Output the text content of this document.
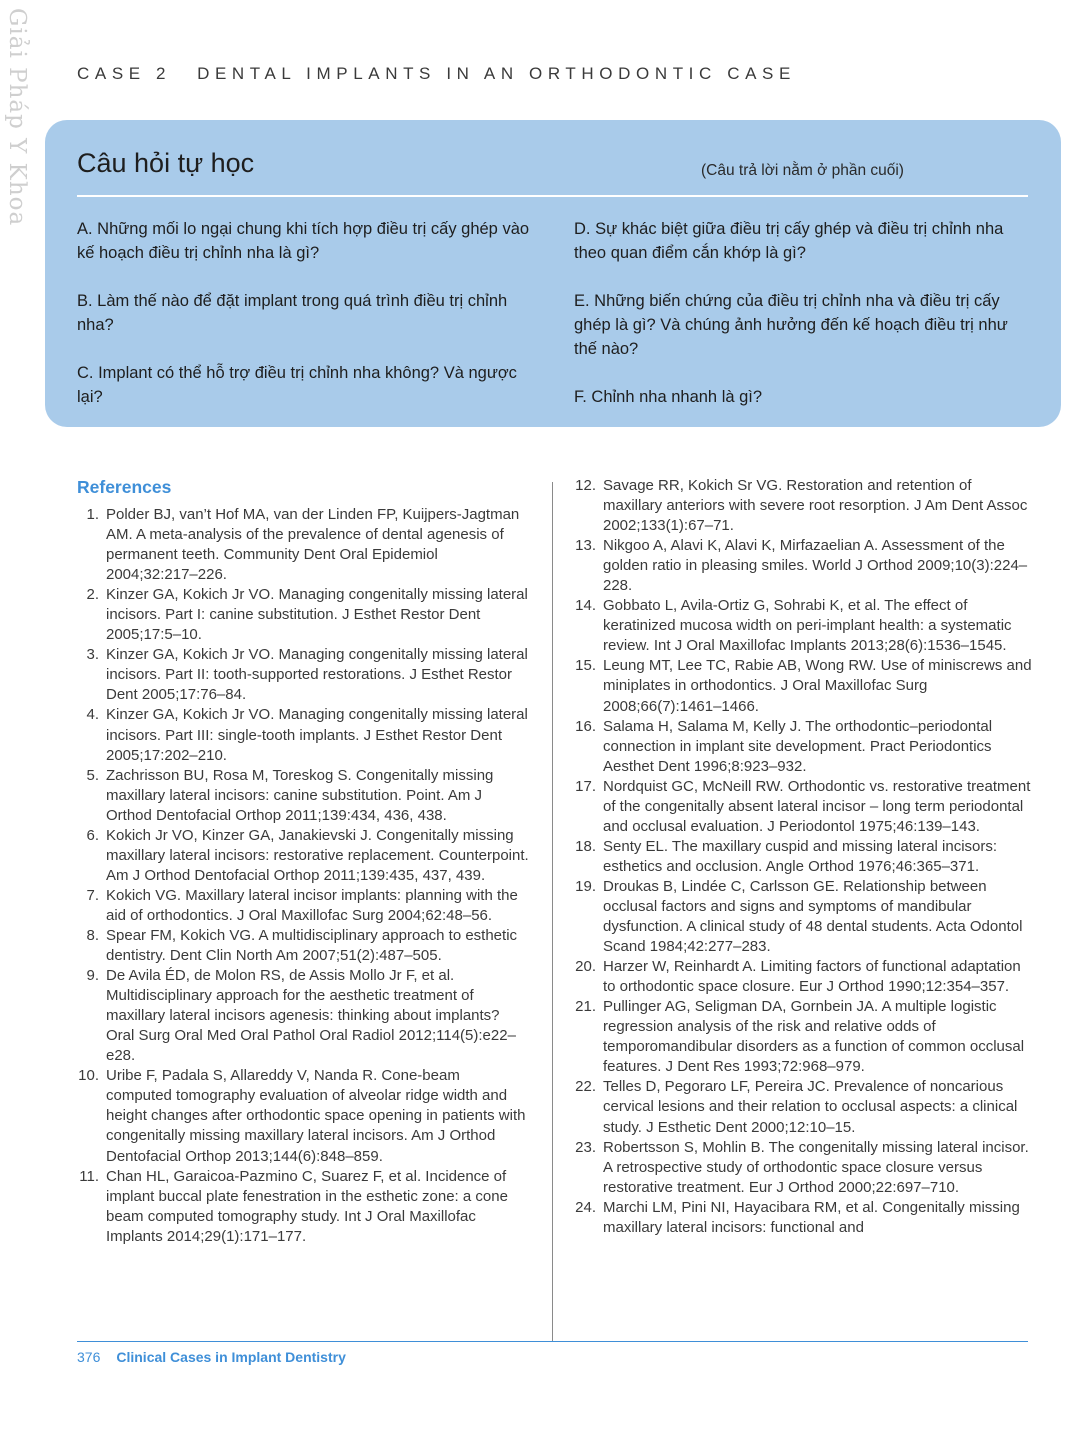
Giải Pháp Y Khoa	CASE 2 DENTAL IMPLANTS IN AN ORTHODONTIC CASE
Câu hỏi tự học	(Câu trả lời nằm ở phần cuối)

A. Những mối lo ngại chung khi tích hợp điều trị cấy ghép vào kế hoạch điều trị chỉnh nha là gì?

B. Làm thế nào để đặt implant trong quá trình điều trị chỉnh nha?

C. Implant có thể hỗ trợ điều trị chỉnh nha không? Và ngược lại?

D. Sự khác biệt giữa điều trị cấy ghép và điều trị chỉnh nha theo quan điểm cắn khớp là gì?

E. Những biến chứng của điều trị chỉnh nha và điều trị cấy ghép là gì? Và chúng ảnh hưởng đến kế hoạch điều trị như thế nào?

F. Chỉnh nha nhanh là gì?

References
1. Polder BJ, van’t Hof MA, van der Linden FP, Kuijpers-Jagtman AM. A meta-analysis of the prevalence of dental agenesis of permanent teeth. Community Dent Oral Epidemiol 2004;32:217–226.
2. Kinzer GA, Kokich Jr VO. Managing congenitally missing lateral incisors. Part I: canine substitution. J Esthet Restor Dent 2005;17:5–10.
3. Kinzer GA, Kokich Jr VO. Managing congenitally missing lateral incisors. Part II: tooth-supported restorations. J Esthet Restor Dent 2005;17:76–84.
4. Kinzer GA, Kokich Jr VO. Managing congenitally missing lateral incisors. Part III: single-tooth implants. J Esthet Restor Dent 2005;17:202–210.
5. Zachrisson BU, Rosa M, Toreskog S. Congenitally missing maxillary lateral incisors: canine substitution. Point. Am J Orthod Dentofacial Orthop 2011;139:434, 436, 438.
6. Kokich Jr VO, Kinzer GA, Janakievski J. Congenitally missing maxillary lateral incisors: restorative replacement. Counterpoint. Am J Orthod Dentofacial Orthop 2011;139:435, 437, 439.
7. Kokich VG. Maxillary lateral incisor implants: planning with the aid of orthodontics. J Oral Maxillofac Surg 2004;62:48–56.
8. Spear FM, Kokich VG. A multidisciplinary approach to esthetic dentistry. Dent Clin North Am 2007;51(2):487–505.
9. De Avila ÉD, de Molon RS, de Assis Mollo Jr F, et al. Multidisciplinary approach for the aesthetic treatment of maxillary lateral incisors agenesis: thinking about implants? Oral Surg Oral Med Oral Pathol Oral Radiol 2012;114(5):e22–e28.
10. Uribe F, Padala S, Allareddy V, Nanda R. Cone-beam computed tomography evaluation of alveolar ridge width and height changes after orthodontic space opening in patients with congenitally missing maxillary lateral incisors. Am J Orthod Dentofacial Orthop 2013;144(6):848–859.
11. Chan HL, Garaicoa-Pazmino C, Suarez F, et al. Incidence of implant buccal plate fenestration in the esthetic zone: a cone beam computed tomography study. Int J Oral Maxillofac Implants 2014;29(1):171–177.
12. Savage RR, Kokich Sr VG. Restoration and retention of maxillary anteriors with severe root resorption. J Am Dent Assoc 2002;133(1):67–71.
13. Nikgoo A, Alavi K, Alavi K, Mirfazaelian A. Assessment of the golden ratio in pleasing smiles. World J Orthod 2009;10(3):224–228.
14. Gobbato L, Avila-Ortiz G, Sohrabi K, et al. The effect of keratinized mucosa width on peri-implant health: a systematic review. Int J Oral Maxillofac Implants 2013;28(6):1536–1545.
15. Leung MT, Lee TC, Rabie AB, Wong RW. Use of miniscrews and miniplates in orthodontics. J Oral Maxillofac Surg 2008;66(7):1461–1466.
16. Salama H, Salama M, Kelly J. The orthodontic–periodontal connection in implant site development. Pract Periodontics Aesthet Dent 1996;8:923–932.
17. Nordquist GC, McNeill RW. Orthodontic vs. restorative treatment of the congenitally absent lateral incisor – long term periodontal and occlusal evaluation. J Periodontol 1975;46:139–143.
18. Senty EL. The maxillary cuspid and missing lateral incisors: esthetics and occlusion. Angle Orthod 1976;46:365–371.
19. Droukas B, Lindée C, Carlsson GE. Relationship between occlusal factors and signs and symptoms of mandibular dysfunction. A clinical study of 48 dental students. Acta Odontol Scand 1984;42:277–283.
20. Harzer W, Reinhardt A. Limiting factors of functional adaptation to orthodontic space closure. Eur J Orthod 1990;12:354–357.
21. Pullinger AG, Seligman DA, Gornbein JA. A multiple logistic regression analysis of the risk and relative odds of temporomandibular disorders as a function of common occlusal features. J Dent Res 1993;72:968–979.
22. Telles D, Pegoraro LF, Pereira JC. Prevalence of noncarious cervical lesions and their relation to occlusal aspects: a clinical study. J Esthetic Dent 2000;12:10–15.
23. Robertsson S, Mohlin B. The congenitally missing lateral incisor. A retrospective study of orthodontic space closure versus restorative treatment. Eur J Orthod 2000;22:697–710.
24. Marchi LM, Pini NI, Hayacibara RM, et al. Congenitally missing maxillary lateral incisors: functional and
376 Clinical Cases in Implant Dentistry
